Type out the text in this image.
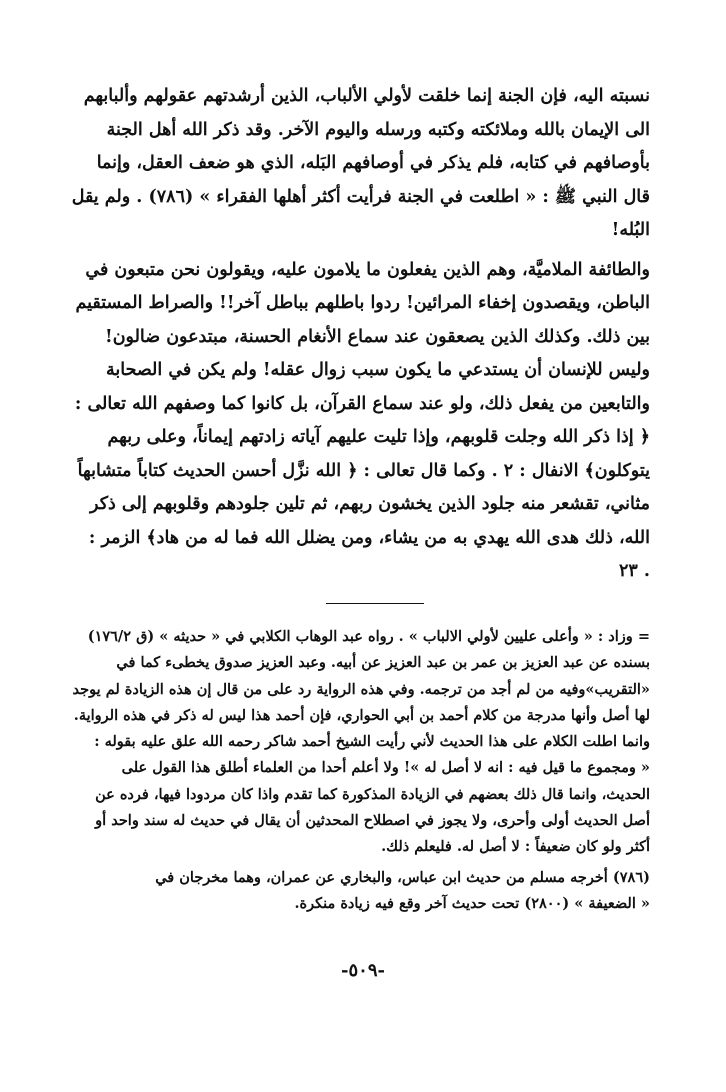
نسبته اليه، فإن الجنة إنما خلقت لأولي الألباب، الذين أرشدتهم عقولهم وألبابهم
الى الإيمان بالله وملائكته وكتبه ورسله واليوم الآخر. وقد ذكر الله أهل الجنة
بأوصافهم في كتابه، فلم يذكر في أوصافهم البَله، الذي هو ضعف العقل، وإنما
قال النبي ﷺ : « اطلعت في الجنة فرأيت أكثر أهلها الفقراء » (٧٨٦) . ولم يقل
البُله!
والطائفة الملاميَّة، وهم الذين يفعلون ما يلامون عليه، ويقولون نحن متبعون في
الباطن، ويقصدون إخفاء المرائين! ردوا باطلهم بباطل آخر!! والصراط المستقيم
بين ذلك. وكذلك الذين يصعقون عند سماع الأنغام الحسنة، مبتدعون ضالون!
وليس للإنسان أن يستدعي ما يكون سبب زوال عقله! ولم يكن في الصحابة
والتابعين من يفعل ذلك، ولو عند سماع القرآن، بل كانوا كما وصفهم الله تعالى :
﴿ إذا ذكر الله وجلت قلوبهم، وإذا تليت عليهم آياته زادتهم إيماناً، وعلى ربهم
يتوكلون﴾ الانفال : ٢ . وكما قال تعالى : ﴿ الله نزَّل أحسن الحديث كتاباً متشابهاً
مثاني، تقشعر منه جلود الذين يخشون ربهم، ثم تلين جلودهم وقلوبهم إلى ذكر
الله، ذلك هدى الله يهدي به من يشاء، ومن يضلل الله فما له من هاد﴾ الزمر :
. ٢٣
= وزاد : « وأعلى عليين لأولي الالباب » . رواه عبد الوهاب الكلابي في « حديثه » (ق ١٧٦/٢)
بسنده عن عبد العزيز بن عمر بن عبد العزيز عن أبيه. وعبد العزيز صدوق يخطىء كما في
«التقريب»وفيه من لم أجد من ترجمه. وفي هذه الرواية رد على من قال إن هذه الزيادة لم يوجد
لها أصل وأنها مدرجة من كلام أحمد بن أبي الحواري، فإن أحمد هذا ليس له ذكر في هذه الرواية.
وانما اطلت الكلام على هذا الحديث لأني رأيت الشيخ أحمد شاكر رحمه الله علق عليه بقوله :
« ومجموع ما قيل فيه : انه لا أصل له »! ولا أعلم أحدا من العلماء أطلق هذا القول على
الحديث، وانما قال ذلك بعضهم في الزيادة المذكورة كما تقدم واذا كان مردودا فيها، فرده عن
أصل الحديث أولى وأحرى، ولا يجوز في اصطلاح المحدثين أن يقال في حديث له سند واحد أو
أكثر ولو كان ضعيفاً : لا أصل له. فليعلم ذلك.
(٧٨٦) أخرجه مسلم من حديث ابن عباس، والبخاري عن عمران، وهما مخرجان في
« الضعيفة » (٢٨٠٠) تحت حديث آخر وقع فيه زيادة منكرة.
-٥٠٩-
